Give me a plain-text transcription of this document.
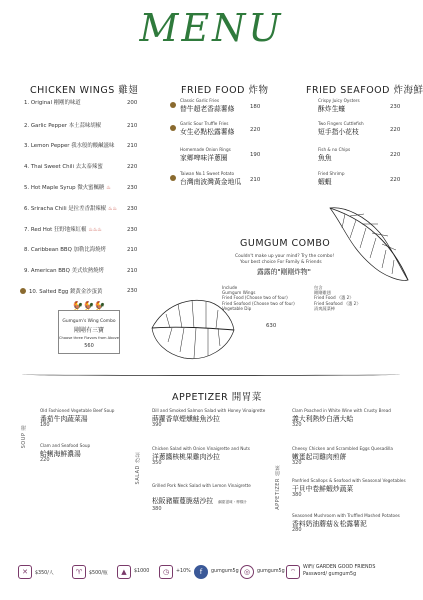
MENU
CHICKEN WINGS 雞翅
1. Original 剛剛的味道	200
2. Garlic Pepper 本土蒜味胡椒	210
3. Lemon Pepper 我水般的酸鹹滋味 210
4. Thai Sweet Chili 去太泰辣蜜	220
5. Hot Maple Syrup 微火蜜楓糖 ♨	230
6. Sriracha Chili 是拉差香甜辣椒 ♨♨ 230
7. Red Hot 狂野地辣紅椒 ♨♨♨	230
8. Caribbean BBQ 加勒比海燒烤	210
9. American BBQ 美式炊熱燒烤	210
10. Salted Egg 鍍黃金沙蛋黃	230
🐓🐓🐓
Gumgum's Wing Combo
剛剛有三寶
Choose three Flavors from Above
560
FRIED FOOD 炸物
Classic Garlic Fries
替牛超老香蒜薯條	180
Garlic Sour Truffle Fries
女生必點松露薯條	220
Homemade Onion Rings
家鄉啤味洋蔥圈	190
Taiwan No.1 Sweet Potato
台灣南波灣黃金地瓜 210
FRIED SEAFOOD 炸海鮮
Crispy Juicy Oysters
酥炸生蠔	230
Two Fingers Cuttlefish
短手指小花枝	220
Fish & no Chips
魚魚	220
Fried Shrimp
蝦蝦	220
GUMGUM COMBO
Couldn't make up your mind? Try the combo!
Your best choice For Family & Friends
露露的"剛剛炸物"
Include
Gumgum Wings
Fried Food (Choose two of four)
Fried Seafood (Choose two of four)
Vegetable Dip
包含
剛剛雞翅
Fried Food 《選 2》
Fried Seafood 《選 2》
清爽蔬菜棒
630
APPETIZER 開胃菜
SOUP 湯
Old Fashioned Vegetable Beef Soup
番茄牛肉蔬菜湯
180
Clam and Seafood Soup
蛤蜊海鮮濃湯
220	SALAD 沙拉
Dill and Smoked Salmon Salad with Honey Vinaigrette
蒔蘿香草煙燻鮭魚沙拉
390
Chicken Salad with Onion Vinaigrette and Nuts
洋蔥醬核桃果雞肉沙拉
350
Grilled Pork Neck Salad with Lemon Vinaigrette
松阪豬羅蔓脆菇沙拉 鹹甜滋味・檸檬汁
380	APPETIZER 前菜
Clam Poached in White Wine with Crusty Bread
義大利熱炒白酒大蛤
320
Cheesy Chicken and Scrambled Eggs Quesadilla
嫩蛋起司雞肉煎餅
320
Panfried Scallops & Seafood with Seasonal Vegetables
干貝中卷鮮蝦炒蔬菜
380
Seasoned Mushroom with Truffled Mashed Potatoes
香料奶油蘑菇＆松露薯泥
280
✕	$350/人	♈	$500/瓶	▲	$1000	◷	+10%	f	gumgum5g ◎	gumgum5g ⌔
WiFi/ GARDEN GOOD FRIENDS
Password/ gumgum5g
